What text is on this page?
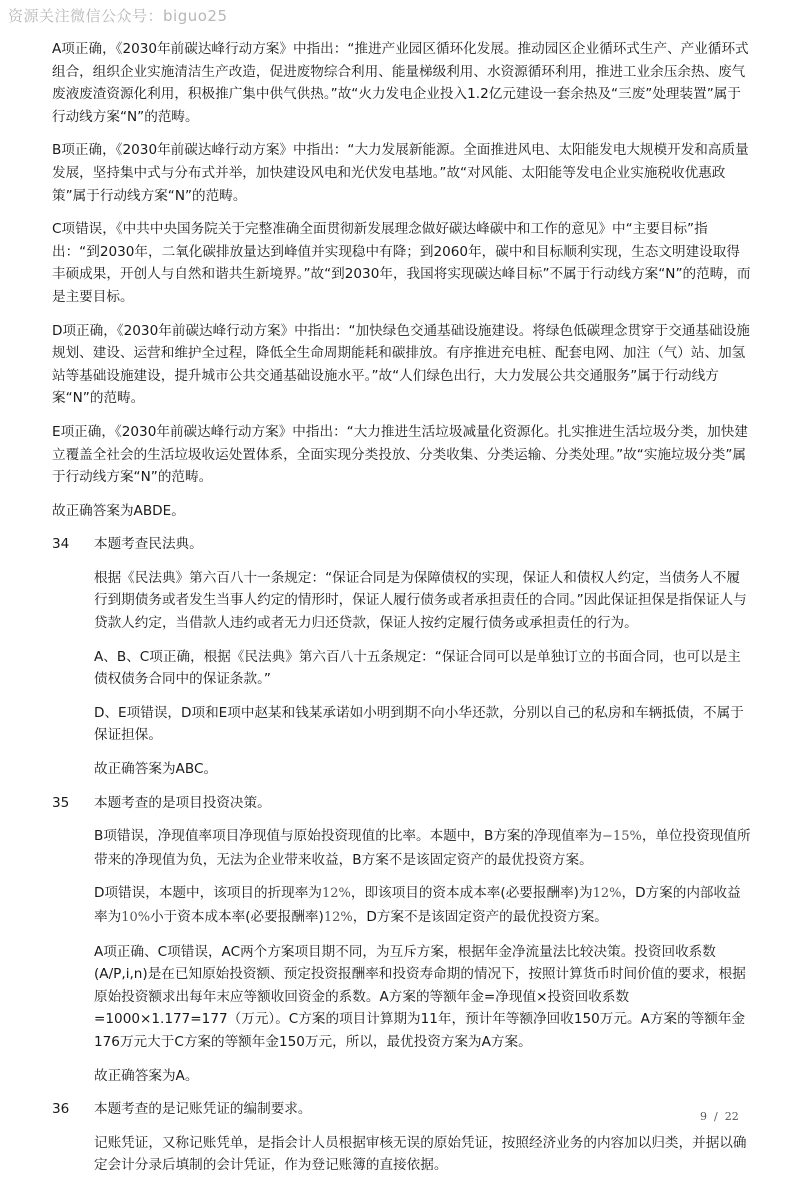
资源关注微信公众号：biguo25

A项正确，《2030年前碳达峰行动方案》中指出：“推进产业园区循环化发展。推动园区企业循环式生产、产业循环式组合，组织企业实施清洁生产改造，促进废物综合利用、能量梯级利用、水资源循环利用，推进工业余压余热、废气废液废渣资源化利用，积极推广集中供气供热。”故“火力发电企业投入1.2亿元建设一套余热及“三废”处理装置”属于行动线方案“N”的范畴。

B项正确，《2030年前碳达峰行动方案》中指出：“大力发展新能源。全面推进风电、太阳能发电大规模开发和高质量发展，坚持集中式与分布式并举，加快建设风电和光伏发电基地。”故“对风能、太阳能等发电企业实施税收优惠政策”属于行动线方案“N”的范畴。

C项错误，《中共中央国务院关于完整准确全面贯彻新发展理念做好碳达峰碳中和工作的意见》中“主要目标”指出：“到2030年，二氧化碳排放量达到峰值并实现稳中有降；到2060年，碳中和目标顺利实现，生态文明建设取得丰硕成果，开创人与自然和谐共生新境界。”故“到2030年，我国将实现碳达峰目标”不属于行动线方案“N”的范畴，而是主要目标。

D项正确，《2030年前碳达峰行动方案》中指出：“加快绿色交通基础设施建设。将绿色低碳理念贯穿于交通基础设施规划、建设、运营和维护全过程，降低全生命周期能耗和碳排放。有序推进充电桩、配套电网、加注（气）站、加氢站等基础设施建设，提升城市公共交通基础设施水平。”故“人们绿色出行，大力发展公共交通服务”属于行动线方案“N”的范畴。

E项正确，《2030年前碳达峰行动方案》中指出：“大力推进生活垃圾减量化资源化。扎实推进生活垃圾分类，加快建立覆盖全社会的生活垃圾收运处置体系，全面实现分类投放、分类收集、分类运输、分类处理。”故“实施垃圾分类”属于行动线方案“N”的范畴。

故正确答案为ABDE。

34	本题考查民法典。

根据《民法典》第六百八十一条规定：“保证合同是为保障债权的实现，保证人和债权人约定，当债务人不履行到期债务或者发生当事人约定的情形时，保证人履行债务或者承担责任的合同。”因此保证担保是指保证人与贷款人约定，当借款人违约或者无力归还贷款，保证人按约定履行债务或承担责任的行为。

A、B、C项正确，根据《民法典》第六百八十五条规定：“保证合同可以是单独订立的书面合同，也可以是主债权债务合同中的保证条款。”

D、E项错误，D项和E项中赵某和钱某承诺如小明到期不向小华还款，分别以自己的私房和车辆抵债，不属于保证担保。

故正确答案为ABC。

35	本题考查的是项目投资决策。

B项错误，净现值率项目净现值与原始投资现值的比率。本题中，B方案的净现值率为−15%，单位投资现值所带来的净现值为负，无法为企业带来收益，B方案不是该固定资产的最优投资方案。

D项错误，本题中，该项目的折现率为12%，即该项目的资本成本率(必要报酬率)为12%，D方案的内部收益率为10%小于资本成本率(必要报酬率)12%，D方案不是该固定资产的最优投资方案。

A项正确、C项错误，AC两个方案项目期不同，为互斥方案，根据年金净流量法比较决策。投资回收系数(A/P,i,n)是在已知原始投资额、预定投资报酬率和投资寿命期的情况下，按照计算货币时间价值的要求，根据原始投资额求出每年末应等额收回资金的系数。A方案的等额年金=净现值×投资回收系数=1000×1.177=177（万元）。C方案的项目计算期为11年，预计年等额净回收150万元。A方案的等额年金176万元大于C方案的等额年金150万元，所以，最优投资方案为A方案。

故正确答案为A。

36	本题考查的是记账凭证的编制要求。

记账凭证，又称记账凭单，是指会计人员根据审核无误的原始凭证，按照经济业务的内容加以归类，并据以确定会计分录后填制的会计凭证，作为登记账簿的直接依据。

9 / 22
